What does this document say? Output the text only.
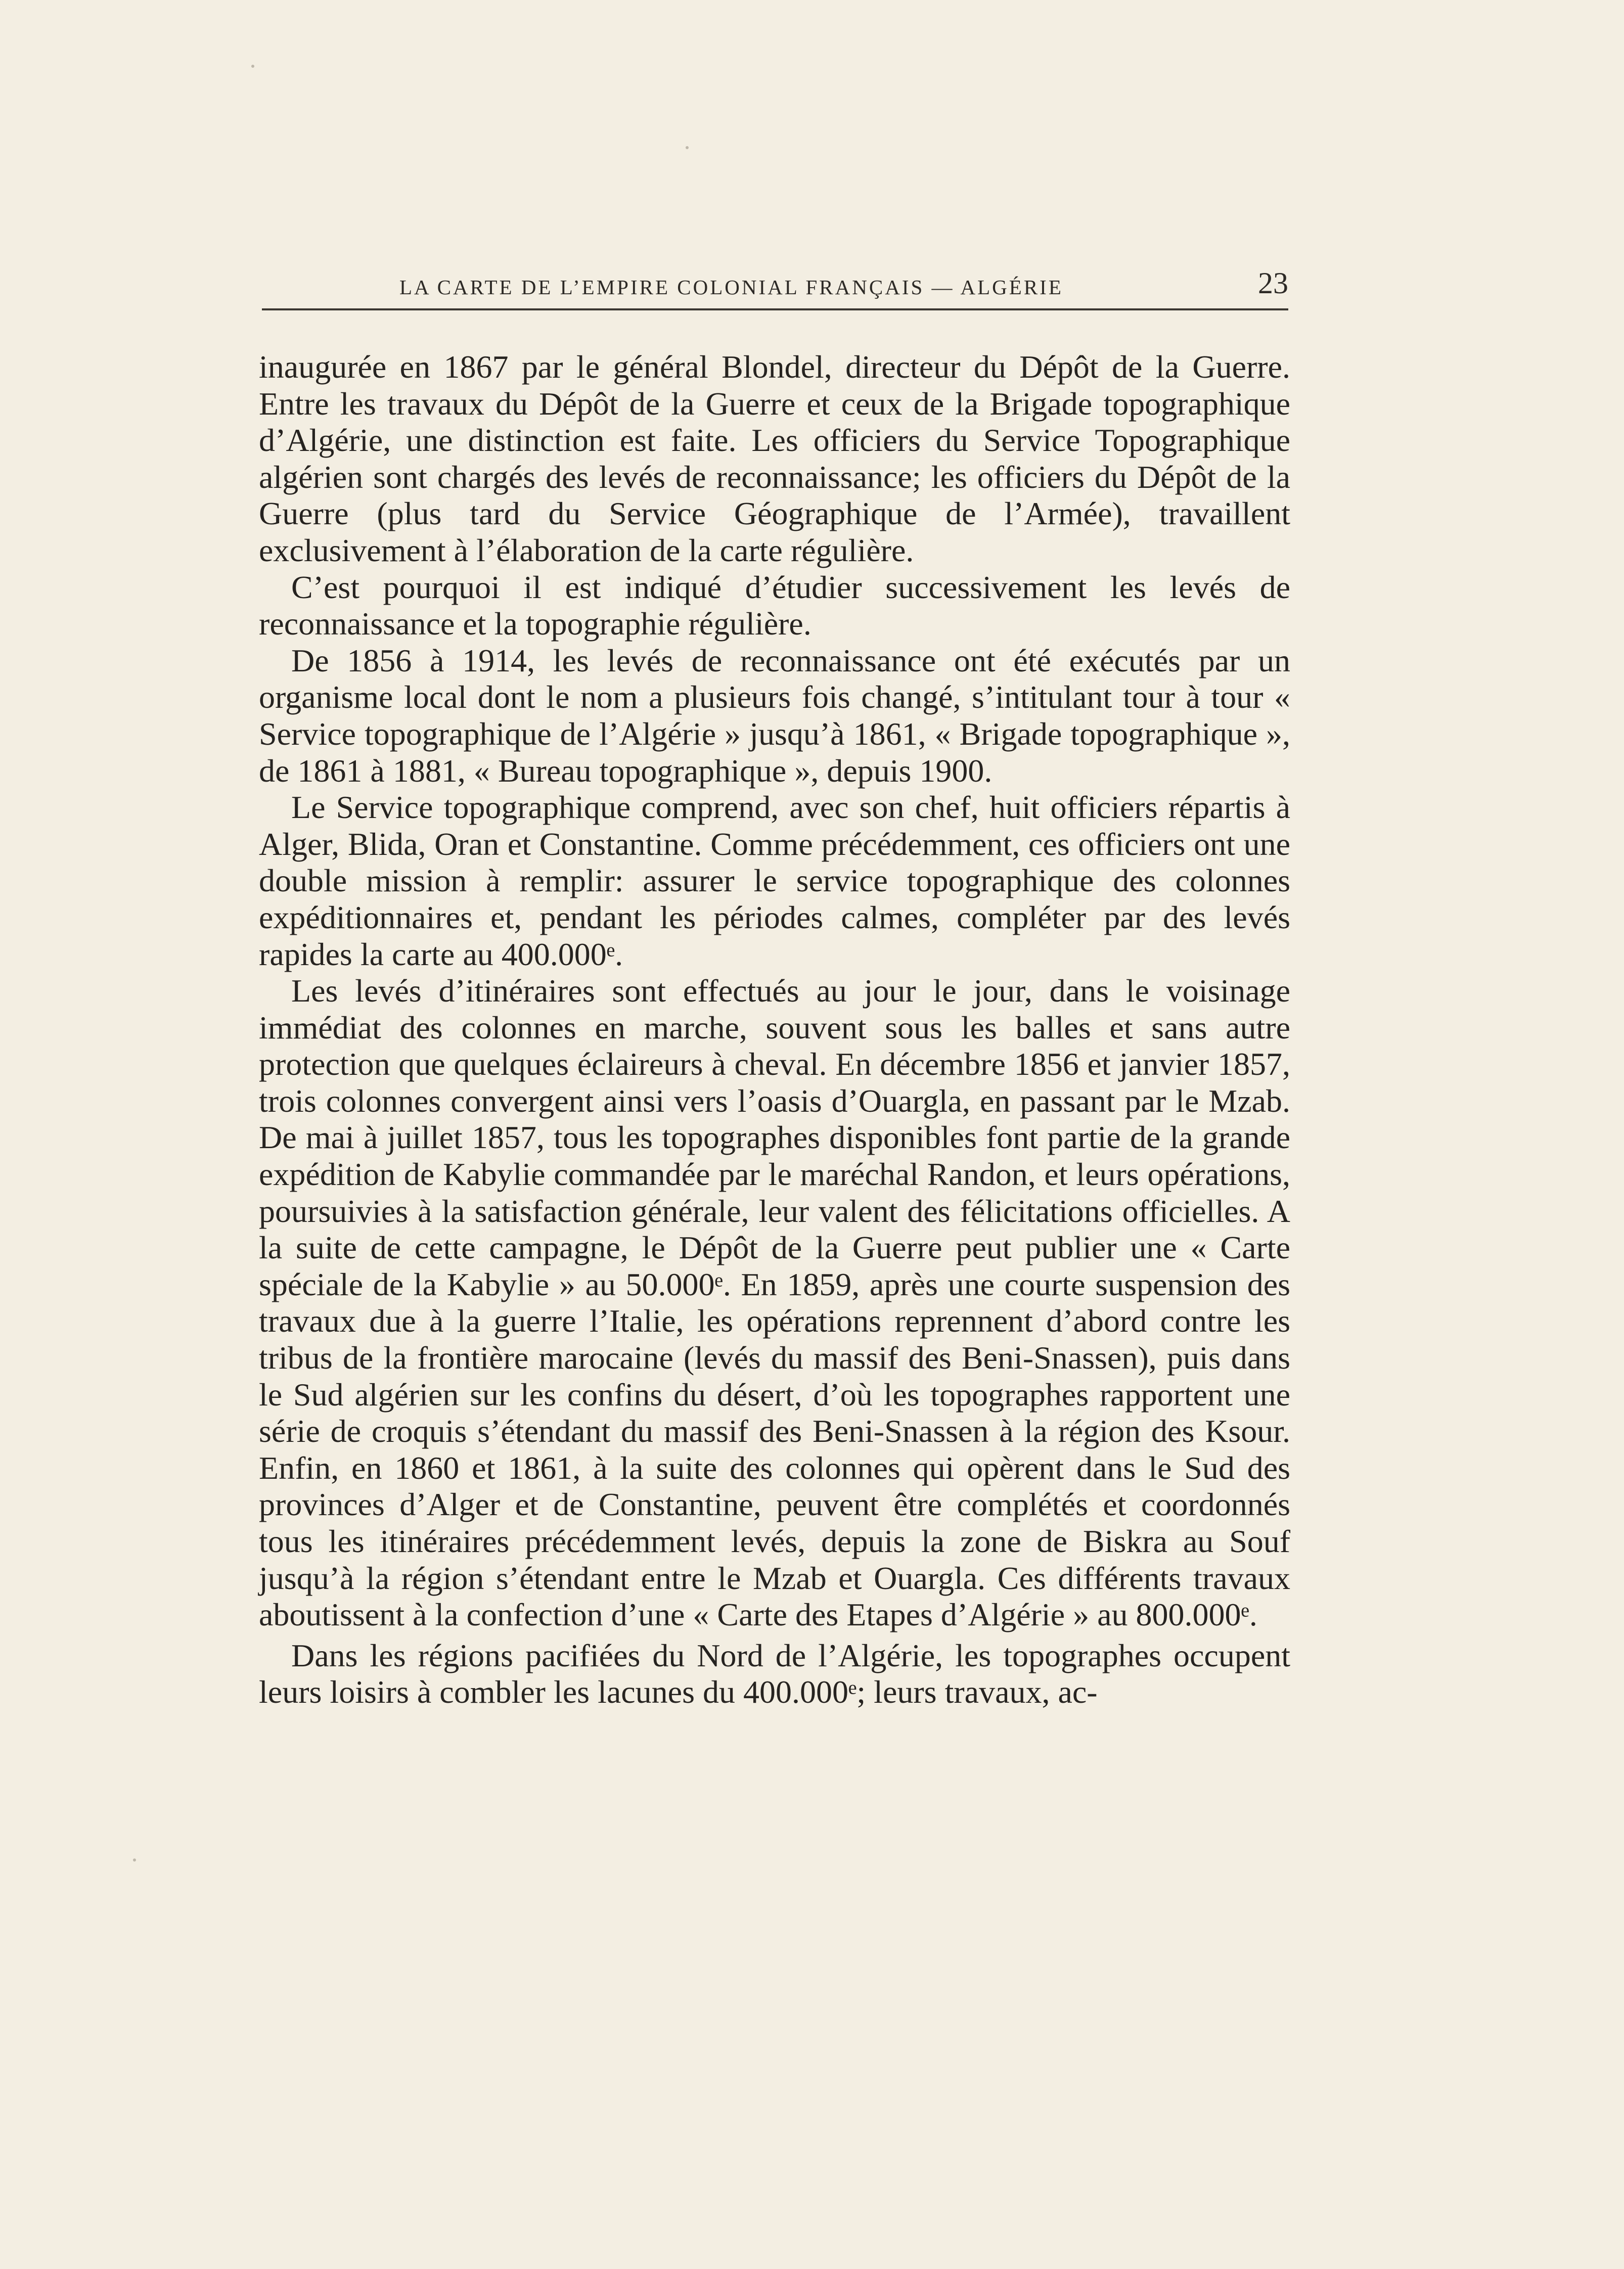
LA CARTE DE L’EMPIRE COLONIAL FRANÇAIS — ALGÉRIE	23

inaugurée en 1867 par le général Blondel, directeur du Dépôt de la Guerre. Entre les travaux du Dépôt de la Guerre et ceux de la Brigade topographique d’Algérie, une distinction est faite. Les officiers du Service Topographique algérien sont chargés des levés de reconnaissance; les officiers du Dépôt de la Guerre (plus tard du Service Géographique de l’Armée), travaillent exclusivement à l’élaboration de la carte régulière.

C’est pourquoi il est indiqué d’étudier successivement les levés de reconnaissance et la topographie régulière.

De 1856 à 1914, les levés de reconnaissance ont été exécutés par un organisme local dont le nom a plusieurs fois changé, s’intitulant tour à tour « Service topographique de l’Algérie » jusqu’à 1861, « Brigade topographique », de 1861 à 1881, « Bureau topographique », depuis 1900.

Le Service topographique comprend, avec son chef, huit officiers répartis à Alger, Blida, Oran et Constantine. Comme précédemment, ces officiers ont une double mission à remplir: assurer le service topographique des colonnes expéditionnaires et, pendant les périodes calmes, compléter par des levés rapides la carte au 400.000ᵉ.

Les levés d’itinéraires sont effectués au jour le jour, dans le voisinage immédiat des colonnes en marche, souvent sous les balles et sans autre protection que quelques éclaireurs à cheval. En décembre 1856 et janvier 1857, trois colonnes convergent ainsi vers l’oasis d’Ouargla, en passant par le Mzab. De mai à juillet 1857, tous les topographes disponibles font partie de la grande expédition de Kabylie commandée par le maréchal Randon, et leurs opérations, poursuivies à la satisfaction générale, leur valent des félicitations officielles. A la suite de cette campagne, le Dépôt de la Guerre peut publier une « Carte spéciale de la Kabylie » au 50.000ᵉ. En 1859, après une courte suspension des travaux due à la guerre l’Italie, les opérations reprennent d’abord contre les tribus de la frontière marocaine (levés du massif des Beni-Snassen), puis dans le Sud algérien sur les confins du désert, d’où les topographes rapportent une série de croquis s’étendant du massif des Beni-Snassen à la région des Ksour. Enfin, en 1860 et 1861, à la suite des colonnes qui opèrent dans le Sud des provinces d’Alger et de Constantine, peuvent être complétés et coordonnés tous les itinéraires précédemment levés, depuis la zone de Biskra au Souf jusqu’à la région s’étendant entre le Mzab et Ouargla. Ces différents travaux aboutissent à la confection d’une « Carte des Etapes d’Algérie » au 800.000ᵉ.

Dans les régions pacifiées du Nord de l’Algérie, les topographes occupent leurs loisirs à combler les lacunes du 400.000ᵉ; leurs travaux, ac-
